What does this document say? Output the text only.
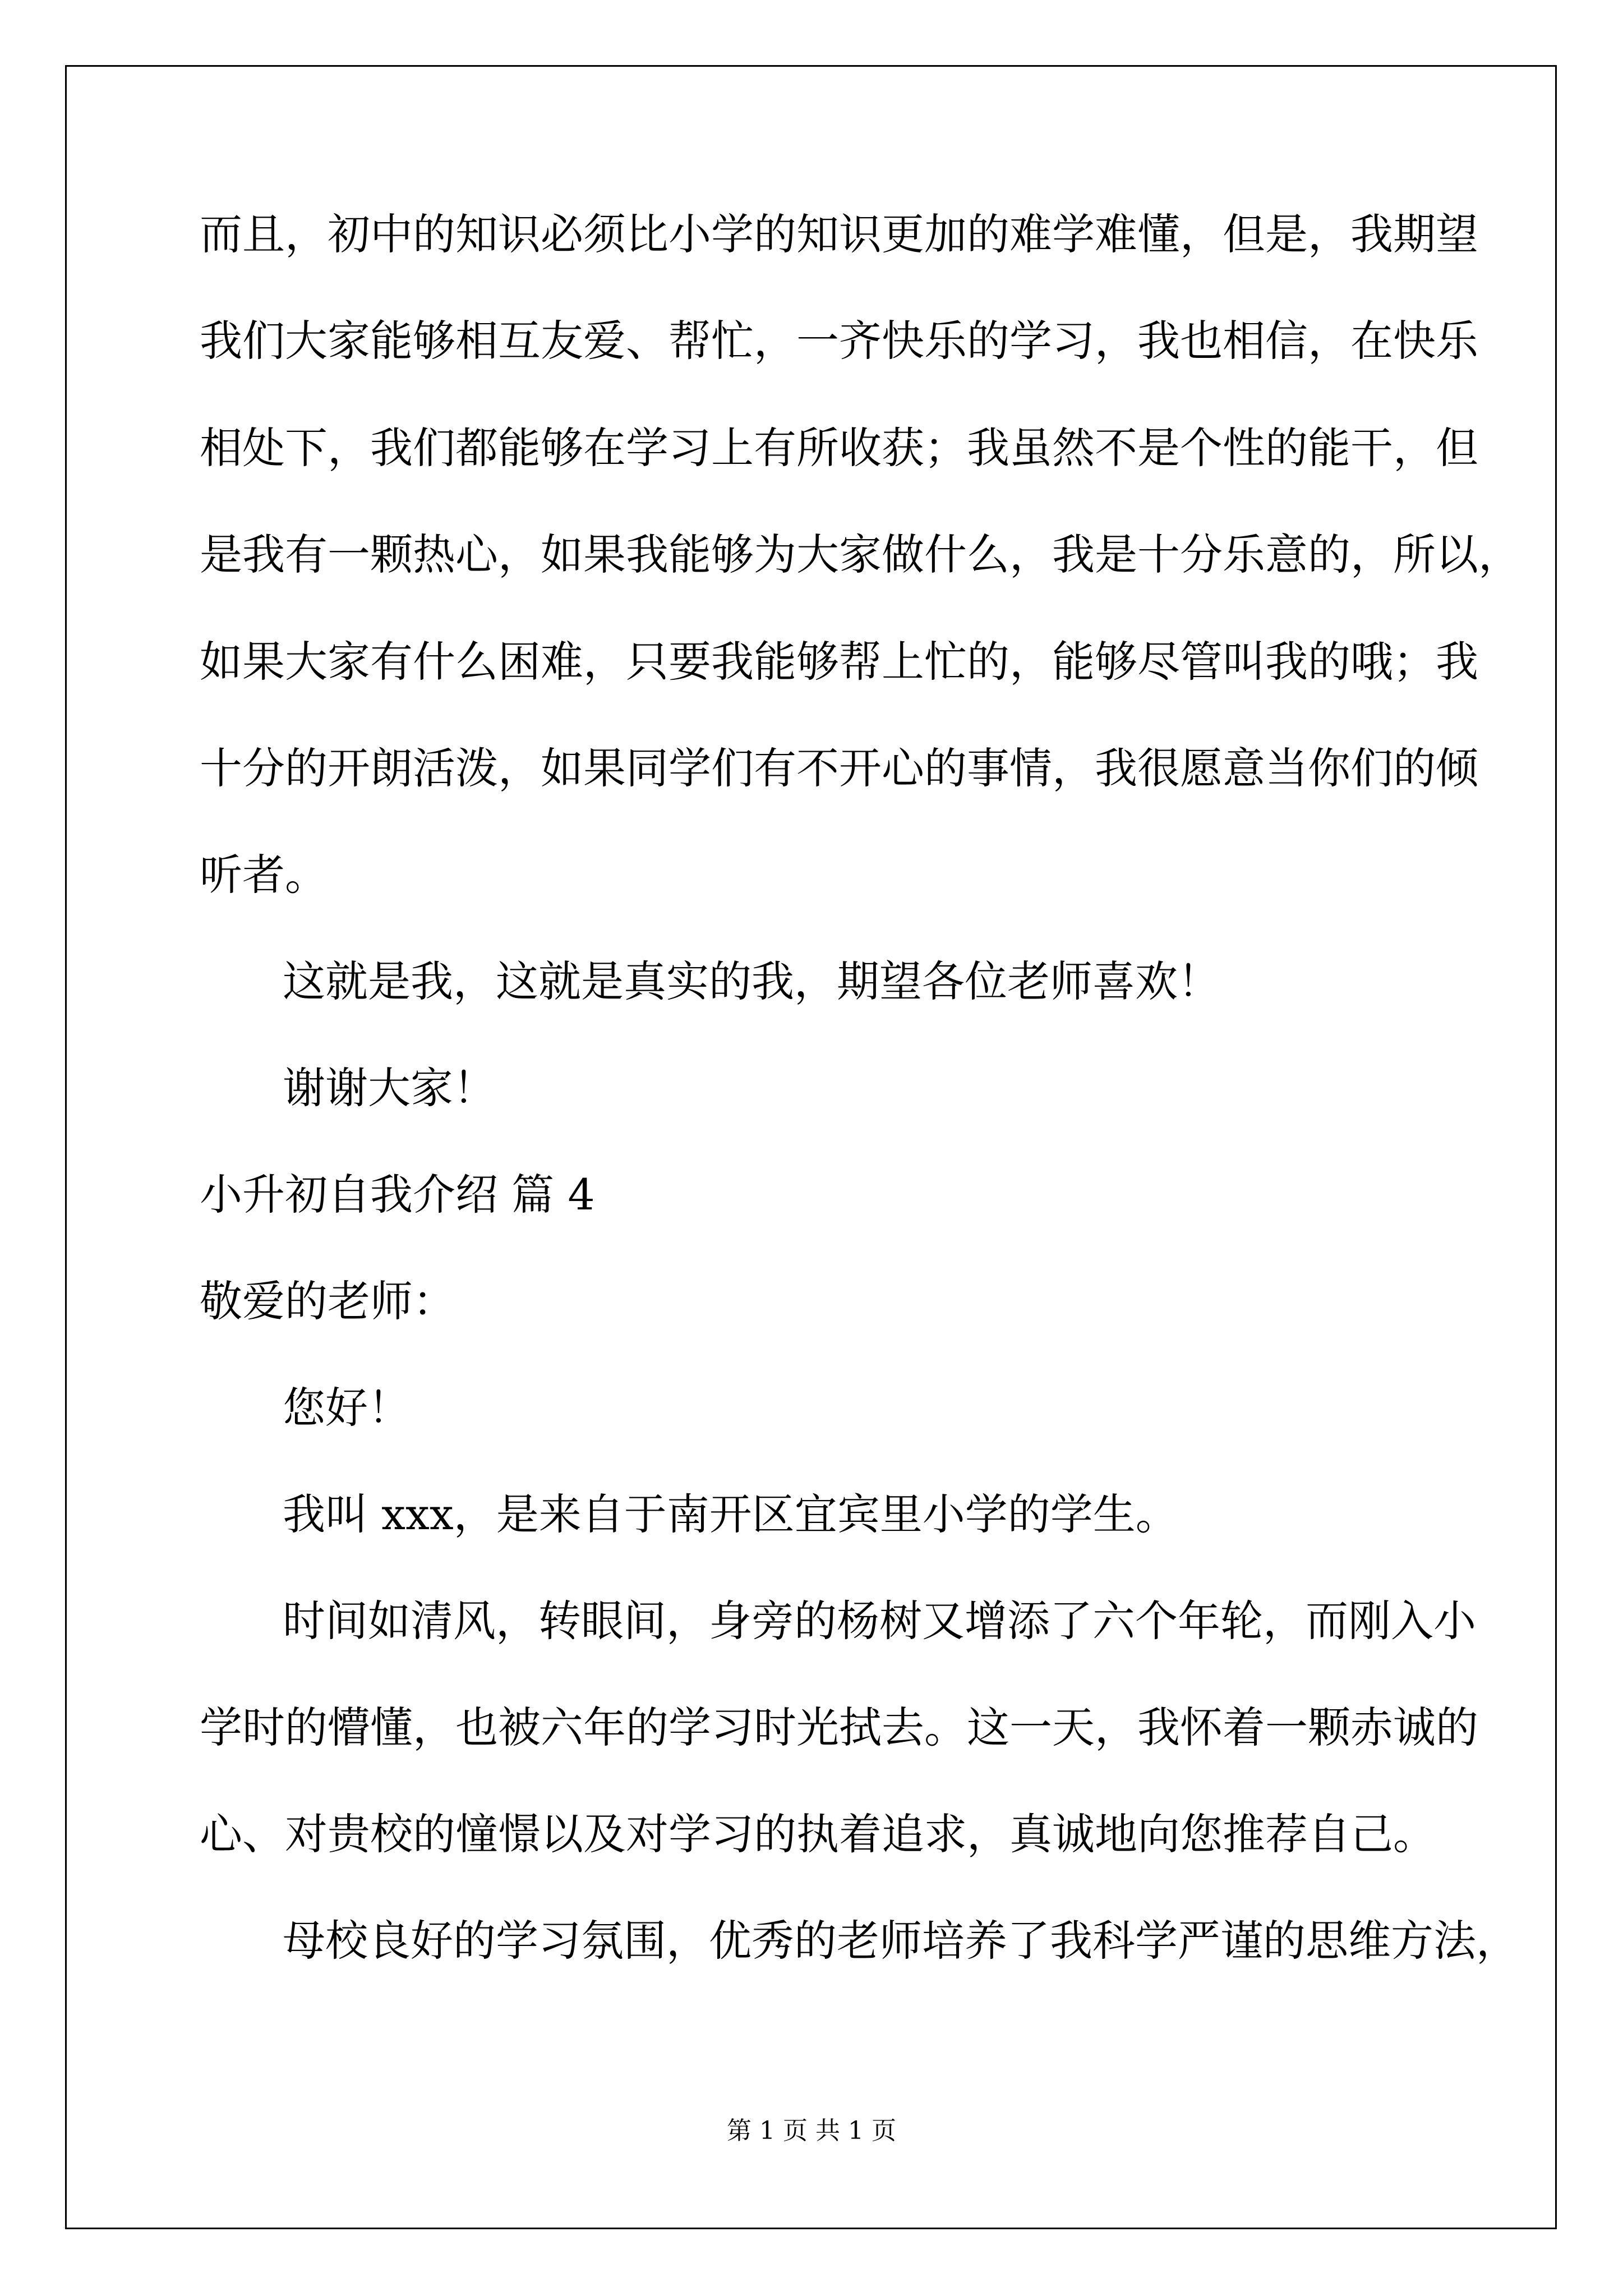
而且，初中的知识必须比小学的知识更加的难学难懂，但是，我期望
我们大家能够相互友爱、帮忙，一齐快乐的学习，我也相信，在快乐
相处下，我们都能够在学习上有所收获；我虽然不是个性的能干，但
是我有一颗热心，如果我能够为大家做什么，我是十分乐意的，所以，
如果大家有什么困难，只要我能够帮上忙的，能够尽管叫我的哦；我
十分的开朗活泼，如果同学们有不开心的事情，我很愿意当你们的倾
听者。
这就是我，这就是真实的我，期望各位老师喜欢！
谢谢大家！
小升初自我介绍 篇 4
敬爱的老师：
您好！
我叫 xxx，是来自于南开区宜宾里小学的学生。
时间如清风，转眼间，身旁的杨树又增添了六个年轮，而刚入小
学时的懵懂，也被六年的学习时光拭去。这一天，我怀着一颗赤诚的
心、对贵校的憧憬以及对学习的执着追求，真诚地向您推荐自己。
母校良好的学习氛围，优秀的老师培养了我科学严谨的思维方法，
第 1 页 共 1 页
